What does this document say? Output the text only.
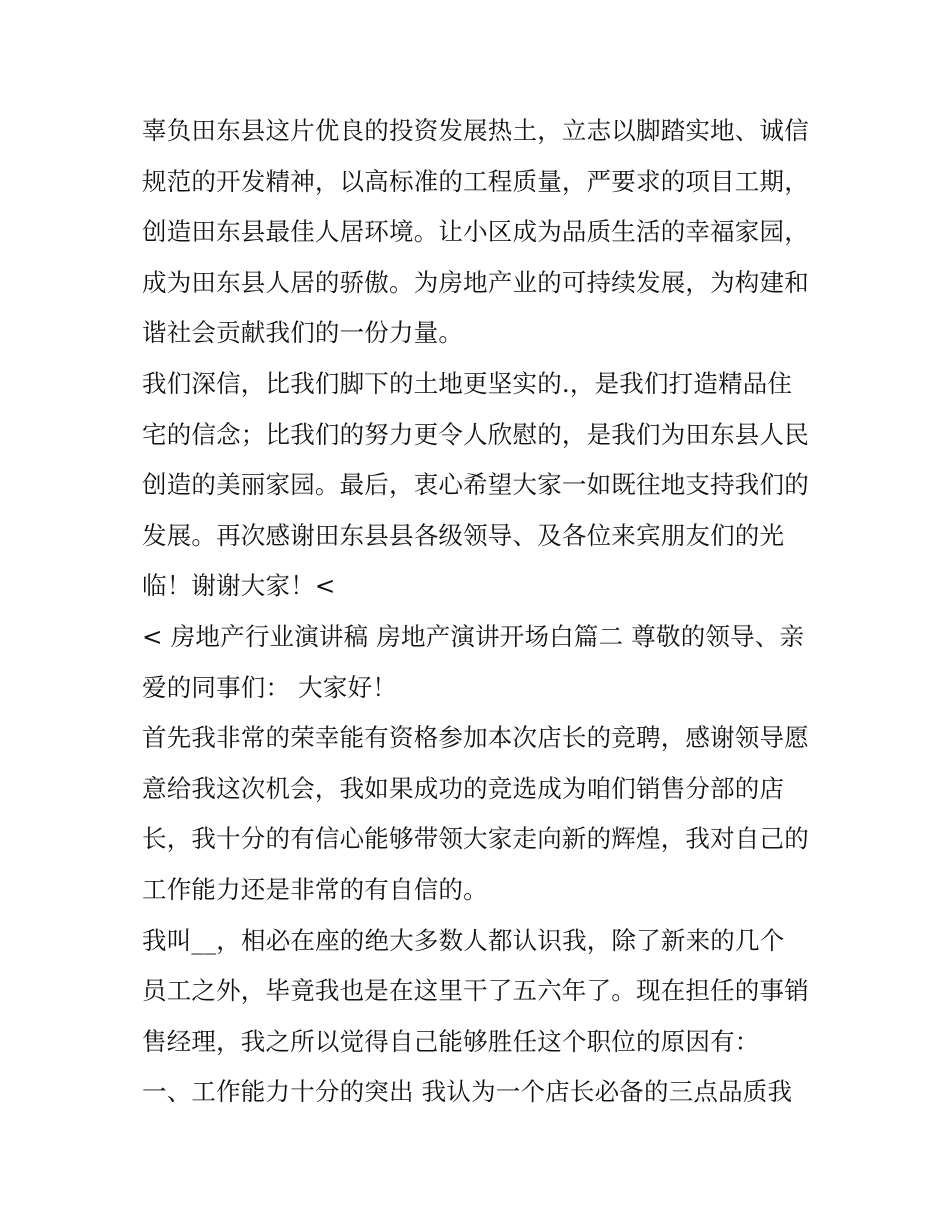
辜负田东县这片优良的投资发展热土，立志以脚踏实地、诚信
规范的开发精神，以高标准的工程质量，严要求的项目工期，
创造田东县最佳人居环境。让小区成为品质生活的幸福家园，
成为田东县人居的骄傲。为房地产业的可持续发展，为构建和
谐社会贡献我们的一份力量。
我们深信，比我们脚下的土地更坚实的.，是我们打造精品住
宅的信念；比我们的努力更令人欣慰的，是我们为田东县人民
创造的美丽家园。最后，衷心希望大家一如既往地支持我们的
发展。再次感谢田东县县各级领导、及各位来宾朋友们的光
临！谢谢大家！<
< 房地产行业演讲稿 房地产演讲开场白篇二 尊敬的领导、亲
爱的同事们： 大家好！
首先我非常的荣幸能有资格参加本次店长的竞聘，感谢领导愿
意给我这次机会，我如果成功的竞选成为咱们销售分部的店
长，我十分的有信心能够带领大家走向新的辉煌，我对自己的
工作能力还是非常的有自信的。
我叫__，相必在座的绝大多数人都认识我，除了新来的几个
员工之外，毕竟我也是在这里干了五六年了。现在担任的事销
售经理，我之所以觉得自己能够胜任这个职位的原因有：
一、工作能力十分的突出 我认为一个店长必备的三点品质我
